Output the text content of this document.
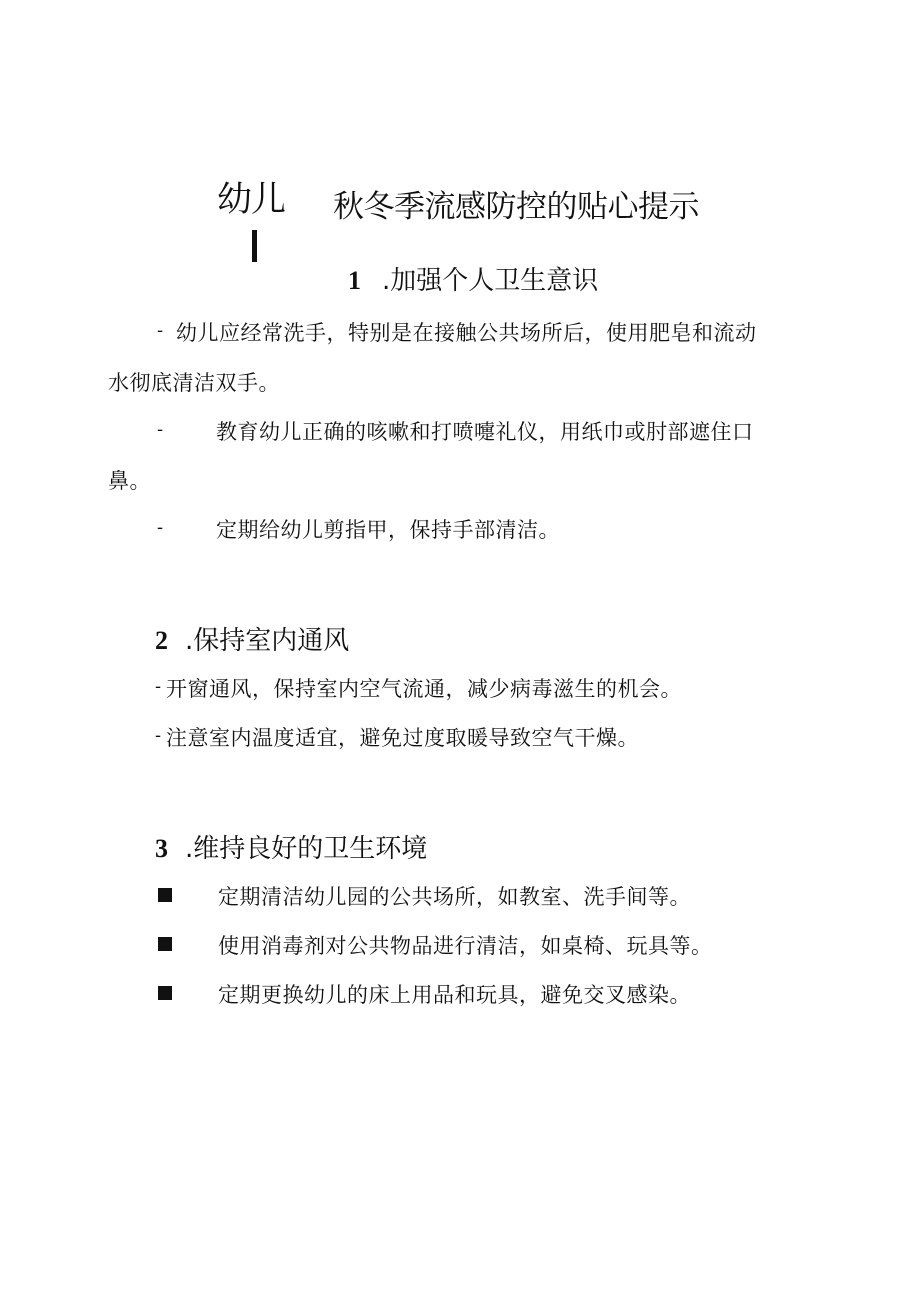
幼儿 秋冬季流感防控的贴心提示
1 .加强个人卫生意识
- 幼儿应经常洗手，特别是在接触公共场所后，使用肥皂和流动
水彻底清洁双手。
-	教育幼儿正确的咳嗽和打喷嚏礼仪，用纸巾或肘部遮住口
鼻。
-	定期给幼儿剪指甲，保持手部清洁。
2 .保持室内通风
- 开窗通风，保持室内空气流通，减少病毒滋生的机会。
- 注意室内温度适宜，避免过度取暖导致空气干燥。
3 .维持良好的卫生环境
定期清洁幼儿园的公共场所，如教室、洗手间等。
使用消毒剂对公共物品进行清洁，如桌椅、玩具等。
定期更换幼儿的床上用品和玩具，避免交叉感染。
